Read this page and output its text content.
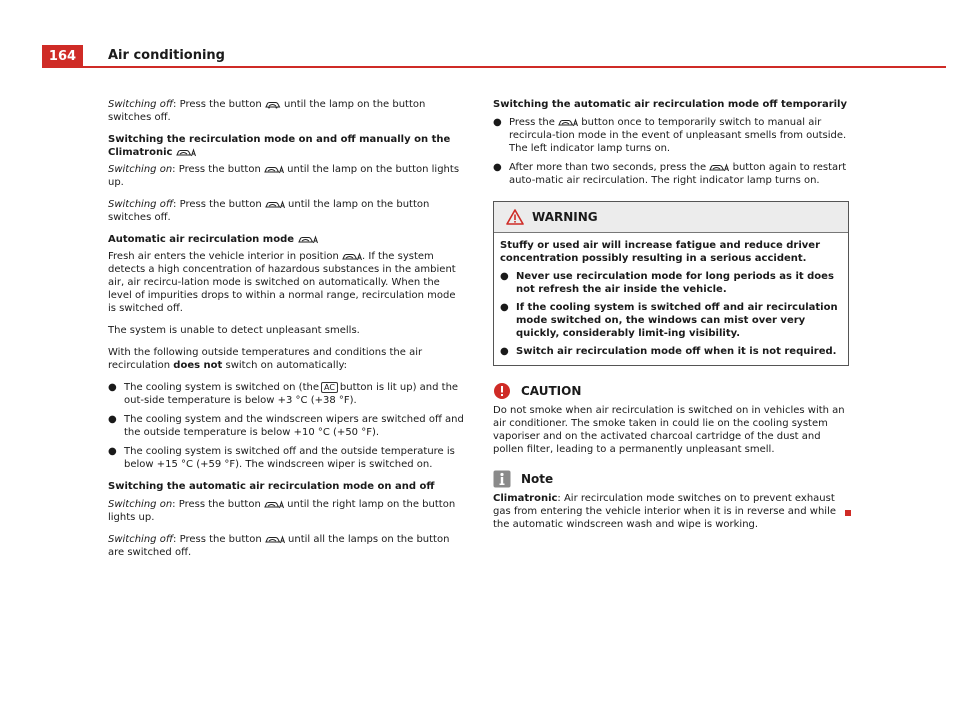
164	Air conditioning

Switching off: Press the button until the lamp on the button switches off.

Switching the recirculation mode on and off manually on the Climatronic

Switching on: Press the button	until the lamp on the button lights up.

Switching off: Press the button	until the lamp on the button switches off.

Automatic air recirculation mode

Fresh air enters the vehicle interior in position . If the system detects a high concentration of hazardous substances in the ambient air, air recircu-lation mode is switched on automatically. When the level of impurities drops to within a normal range, recirculation mode is switched off.

The system is unable to detect unpleasant smells.

With the following outside temperatures and conditions the air recirculation does not switch on automatically:

● The cooling system is switched on (the AC button is lit up) and the out-side temperature is below +3 °C (+38 °F).
● The cooling system and the windscreen wipers are switched off and the outside temperature is below +10 °C (+50 °F).
● The cooling system is switched off and the outside temperature is below +15 °C (+59 °F). The windscreen wiper is switched on.

Switching the automatic air recirculation mode on and off

Switching on: Press the button	until the right lamp on the button lights up.

Switching off: Press the button	until all the lamps on the button are switched off.

Switching the automatic air recirculation mode off temporarily

● Press the	button once to temporarily switch to manual air recircula-tion mode in the event of unpleasant smells from outside. The left indicator lamp turns on.
● After more than two seconds, press the	button again to restart auto-matic air recirculation. The right indicator lamp turns on.
WARNING

Stuffy or used air will increase fatigue and reduce driver concentration possibly resulting in a serious accident.

● Never use recirculation mode for long periods as it does not refresh the air inside the vehicle.
● If the cooling system is switched off and air recirculation mode switched on, the windows can mist over very quickly, considerably limit-ing visibility.
● Switch air recirculation mode off when it is not required.
CAUTION

Do not smoke when air recirculation is switched on in vehicles with an air conditioner. The smoke taken in could lie on the cooling system vaporiser and on the activated charcoal cartridge of the dust and pollen filter, leading to a permanently unpleasant smell.

Note

Climatronic: Air recirculation mode switches on to prevent exhaust gas from entering the vehicle interior when it is in reverse and while the automatic windscreen wash and wipe is working.
